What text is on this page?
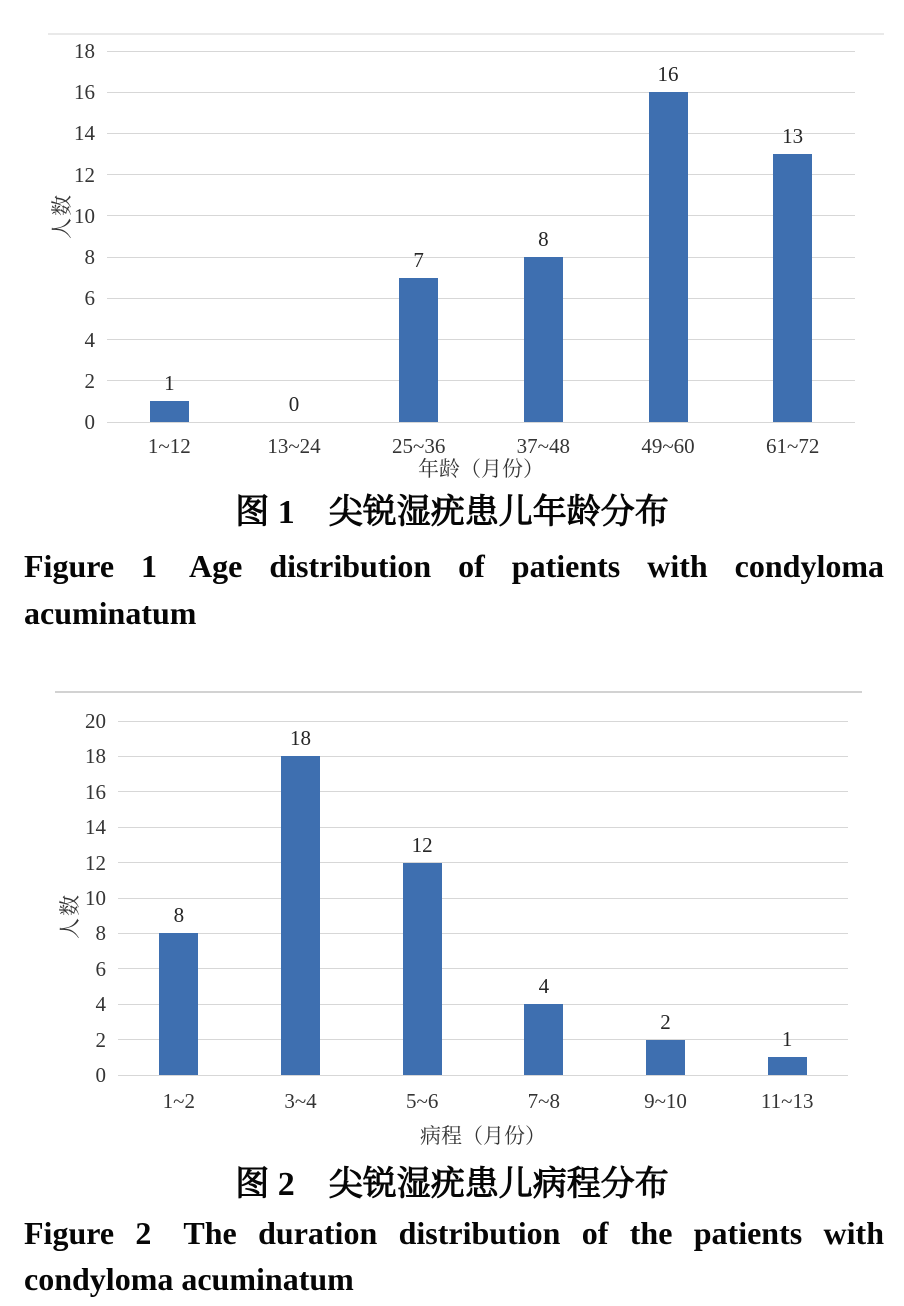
0
2
4
6
8
10
12
14
16
18
1
1~12
0
13~24
7
25~36
8
37~48
16
49~60
13
61~72
年龄（月份）
人数
图 1　尖锐湿疣患儿年龄分布
Figure 1 Age distribution of patients with condyloma
acuminatum
0
2
4
6
8
10
12
14
16
18
20
8
1~2
18
3~4
12
5~6
4
7~8
2
9~10
1
11~13
病程（月份）
人数
图 2　尖锐湿疣患儿病程分布
Figure 2 The duration distribution of the patients with
condyloma acuminatum
